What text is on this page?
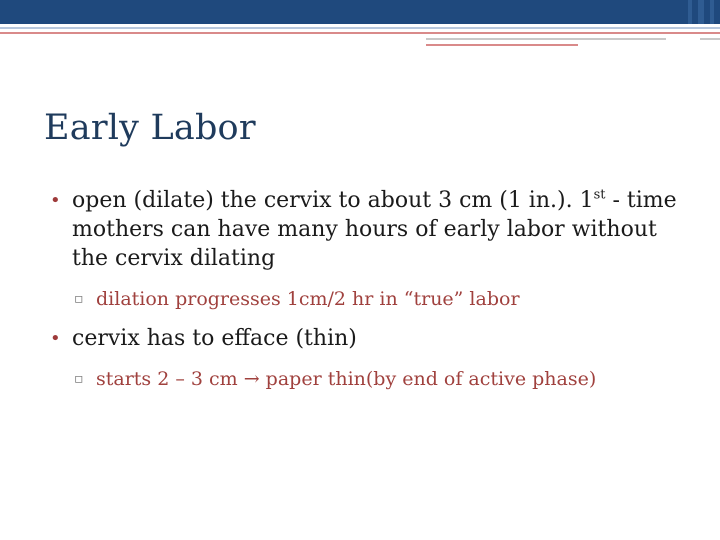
Early Labor

• open (dilate) the cervix to about 3 cm (1 in.). 1st - time mothers can have many hours of early labor without the cervix dilating

▫ dilation progresses 1cm/2 hr in “true” labor

• cervix has to efface (thin)

▫ starts 2 – 3 cm → paper thin(by end of active phase)
